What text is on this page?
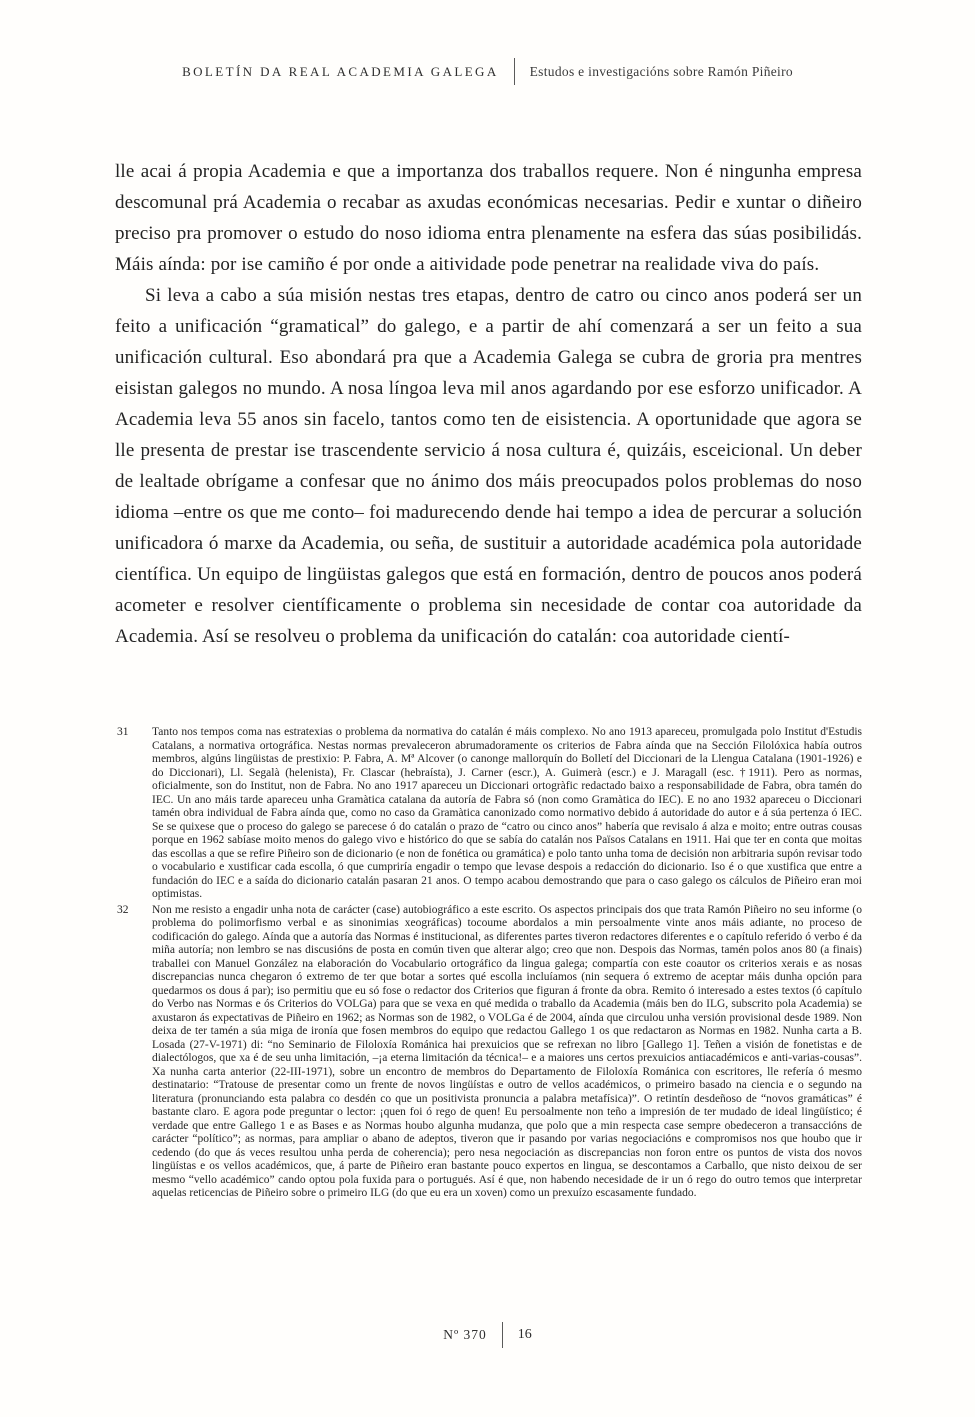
BOLETÍN DA REAL ACADEMIA GALEGA Estudos e investigacións sobre Ramón Piñeiro

lle acai á propia Academia e que a importanza dos traballos requere. Non é ningunha empresa descomunal prá Academia o recabar as axudas económicas necesarias. Pedir e xuntar o diñeiro preciso pra promover o estudo do noso idioma entra plenamente na esfera das súas posibilidás. Máis aínda: por ise camiño é por onde a aitividade pode penetrar na realidade viva do país.

Si leva a cabo a súa misión nestas tres etapas, dentro de catro ou cinco anos poderá ser un feito a unificación “gramatical” do galego, e a partir de ahí comenzará a ser un feito a sua unificación cultural. Eso abondará pra que a Academia Galega se cubra de groria pra mentres eisistan galegos no mundo. A nosa língoa leva mil anos agardando por ese esforzo unificador. A Academia leva 55 anos sin facelo, tantos como ten de eisistencia. A oportunidade que agora se lle presenta de prestar ise trascendente servicio á nosa cultura é, quizáis, esceicional. Un deber de lealtade obrígame a confesar que no ánimo dos máis preocupados polos problemas do noso idioma –entre os que me conto– foi madurecendo dende hai tempo a idea de percurar a solución unificadora ó marxe da Academia, ou seña, de sustituir a autoridade académica pola autoridade científica. Un equipo de lingüistas galegos que está en formación, dentro de poucos anos poderá acometer e resolver científicamente o problema sin necesidade de contar coa autoridade da Academia. Así se resolveu o problema da unificación do catalán: coa autoridade cientí-

31 Tanto nos tempos coma nas estratexias o problema da normativa do catalán é máis complexo. No ano 1913 apareceu, promulgada polo Institut d'Estudis Catalans, a normativa ortográfica. Nestas normas prevaleceron abrumadoramente os criterios de Fabra aínda que na Sección Filolóxica había outros membros, algúns lingüistas de prestixio: P. Fabra, A. Mª Alcover (o canonge mallorquín do Bolletí del Diccionari de la Llengua Catalana (1901-1926) e do Diccionari), Ll. Segalà (helenista), Fr. Clascar (hebraísta), J. Carner (escr.), A. Guimerà (escr.) e J. Maragall (esc. †1911). Pero as normas, oficialmente, son do Institut, non de Fabra. No ano 1917 apareceu un Diccionari ortogràfic redactado baixo a responsabilidade de Fabra, obra tamén do IEC. Un ano máis tarde apareceu unha Gramàtica catalana da autoría de Fabra só (non como Gramàtica do IEC). E no ano 1932 apareceu o Diccionari tamén obra individual de Fabra aínda que, como no caso da Gramàtica canonizado como normativo debido á autoridade do autor e á súa pertenza ó IEC. Se se quixese que o proceso do galego se parecese ó do catalán o prazo de “catro ou cinco anos” habería que revisalo á alza e moito; entre outras cousas porque en 1962 sabíase moito menos do galego vivo e histórico do que se sabía do catalán nos Països Catalans en 1911. Hai que ter en conta que moitas das escollas a que se refire Piñeiro son de dicionario (e non de fonética ou gramática) e polo tanto unha toma de decisión non arbitraria supón revisar todo o vocabulario e xustificar cada escolla, ó que cumpriría engadir o tempo que levase despois a redacción do dicionario. Iso é o que xustifica que entre a fundación do IEC e a saída do dicionario catalán pasaran 21 anos. O tempo acabou demostrando que para o caso galego os cálculos de Piñeiro eran moi optimistas.
32 Non me resisto a engadir unha nota de carácter (case) autobiográfico a este escrito. Os aspectos principais dos que trata Ramón Piñeiro no seu informe (o problema do polimorfismo verbal e as sinonimias xeográficas) tocoume abordalos a min persoalmente vinte anos máis adiante, no proceso de codificación do galego. Aínda que a autoría das Normas é institucional, as diferentes partes tiveron redactores diferentes e o capítulo referido ó verbo é da miña autoría; non lembro se nas discusións de posta en común tiven que alterar algo; creo que non. Despois das Normas, tamén polos anos 80 (a finais) traballei con Manuel González na elaboración do Vocabulario ortográfico da lingua galega; compartía con este coautor os criterios xerais e as nosas discrepancias nunca chegaron ó extremo de ter que botar a sortes qué escolla incluíamos (nin sequera ó extremo de aceptar máis dunha opción para quedarmos os dous á par); iso permitiu que eu só fose o redactor dos Criterios que figuran á fronte da obra. Remito ó interesado a estes textos (ó capítulo do Verbo nas Normas e ós Criterios do VOLGa) para que se vexa en qué medida o traballo da Academia (máis ben do ILG, subscrito pola Academia) se axustaron ás expectativas de Piñeiro en 1962; as Normas son de 1982, o VOLGa é de 2004, aínda que circulou unha versión provisional desde 1989. Non deixa de ter tamén a súa miga de ironía que fosen membros do equipo que redactou Gallego 1 os que redactaron as Normas en 1982. Nunha carta a B. Losada (27-V-1971) di: “no Seminario de Filoloxía Románica hai prexuicios que se refrexan no libro [Gallego 1]. Teñen a visión de fonetistas e de dialectólogos, que xa é de seu unha limitación, –¡a eterna limitación da técnica!– e a maiores uns certos prexuicios antiacadémicos e anti-varias-cousas”. Xa nunha carta anterior (22-III-1971), sobre un encontro de membros do Departamento de Filoloxía Románica con escritores, lle refería ó mesmo destinatario: “Tratouse de presentar como un frente de novos lingüístas e outro de vellos académicos, o primeiro basado na ciencia e o segundo na literatura (pronunciando esta palabra co desdén co que un positivista pronuncia a palabra metafísica)”. O retintín desdeñoso de “novos gramáticas” é bastante claro. E agora pode preguntar o lector: ¡quen foi ó rego de quen! Eu persoalmente non teño a impresión de ter mudado de ideal lingüístico; é verdade que entre Gallego 1 e as Bases e as Normas houbo algunha mudanza, que polo que a min respecta case sempre obedeceron a transaccións de carácter “político”; as normas, para ampliar o abano de adeptos, tiveron que ir pasando por varias negociacións e compromisos nos que houbo que ir cedendo (do que ás veces resultou unha perda de coherencia); pero nesa negociación as discrepancias non foron entre os puntos de vista dos novos lingüístas e os vellos académicos, que, á parte de Piñeiro eran bastante pouco expertos en lingua, se descontamos a Carballo, que nisto deixou de ser mesmo “vello académico” cando optou pola fuxida para o portugués. Así é que, non habendo necesidade de ir un ó rego do outro temos que interpretar aquelas reticencias de Piñeiro sobre o primeiro ILG (do que eu era un xoven) como un prexuízo escasamente fundado.
Nº 370 16
